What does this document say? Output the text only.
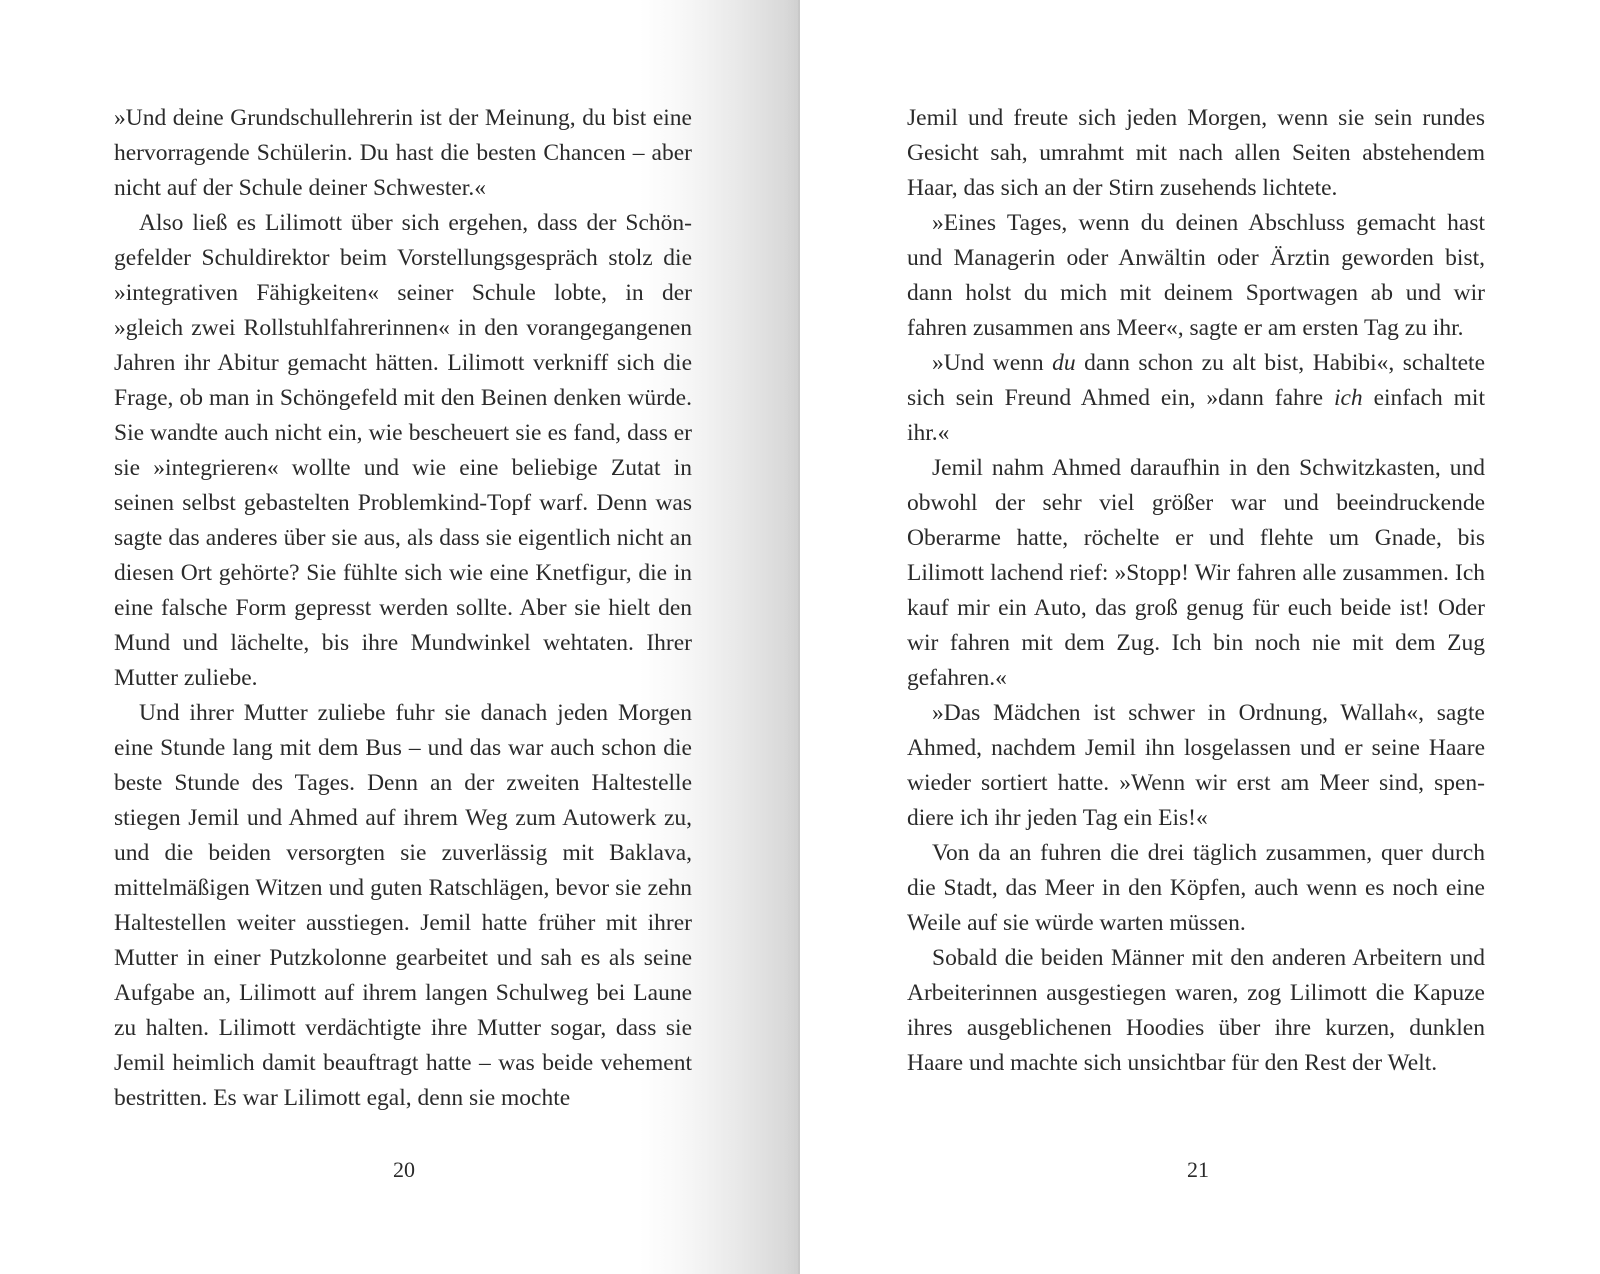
»Und deine Grundschullehrerin ist der Meinung, du bist eine hervorragende Schülerin. Du hast die besten Chancen – aber nicht auf der Schule deiner Schwester.«

Also ließ es Lilimott über sich ergehen, dass der Schöngefelder Schuldirektor beim Vorstellungsgespräch stolz die »integrativen Fähigkeiten« seiner Schule lobte, in der »gleich zwei Rollstuhlfahrerinnen« in den vorangegangenen Jahren ihr Abitur gemacht hätten. Lilimott verkniff sich die Frage, ob man in Schöngefeld mit den Beinen denken würde. Sie wandte auch nicht ein, wie bescheuert sie es fand, dass er sie »integrieren« wollte und wie eine beliebige Zutat in seinen selbst gebastelten Problemkind-Topf warf. Denn was sagte das anderes über sie aus, als dass sie eigentlich nicht an diesen Ort gehörte? Sie fühlte sich wie eine Knetfigur, die in eine falsche Form gepresst werden sollte. Aber sie hielt den Mund und lächelte, bis ihre Mundwinkel wehtaten. Ihrer Mutter zuliebe.

Und ihrer Mutter zuliebe fuhr sie danach jeden Morgen eine Stunde lang mit dem Bus – und das war auch schon die beste Stunde des Tages. Denn an der zweiten Haltestelle stiegen Jemil und Ahmed auf ihrem Weg zum Autowerk zu, und die beiden versorgten sie zuverlässig mit Baklava, mittelmäßigen Witzen und guten Ratschlägen, bevor sie zehn Haltestellen weiter ausstiegen. Jemil hatte früher mit ihrer Mutter in einer Putzkolonne gearbeitet und sah es als seine Aufgabe an, Lilimott auf ihrem langen Schulweg bei Laune zu halten. Lilimott verdächtigte ihre Mutter sogar, dass sie Jemil heimlich damit beauftragt hatte – was beide vehement bestritten. Es war Lilimott egal, denn sie mochte

20

Jemil und freute sich jeden Morgen, wenn sie sein rundes Gesicht sah, umrahmt mit nach allen Seiten abstehendem Haar, das sich an der Stirn zusehends lichtete.

»Eines Tages, wenn du deinen Abschluss gemacht hast und Managerin oder Anwältin oder Ärztin geworden bist, dann holst du mich mit deinem Sportwagen ab und wir fahren zusammen ans Meer«, sagte er am ersten Tag zu ihr.

»Und wenn du dann schon zu alt bist, Habibi«, schaltete sich sein Freund Ahmed ein, »dann fahre ich einfach mit ihr.«

Jemil nahm Ahmed daraufhin in den Schwitzkasten, und obwohl der sehr viel größer war und beeindruckende Oberarme hatte, röchelte er und flehte um Gnade, bis Lilimott lachend rief: »Stopp! Wir fahren alle zusammen. Ich kauf mir ein Auto, das groß genug für euch beide ist! Oder wir fahren mit dem Zug. Ich bin noch nie mit dem Zug gefahren.«

»Das Mädchen ist schwer in Ordnung, Wallah«, sagte Ahmed, nachdem Jemil ihn losgelassen und er seine Haare wieder sortiert hatte. »Wenn wir erst am Meer sind, spendiere ich ihr jeden Tag ein Eis!«

Von da an fuhren die drei täglich zusammen, quer durch die Stadt, das Meer in den Köpfen, auch wenn es noch eine Weile auf sie würde warten müssen.

Sobald die beiden Männer mit den anderen Arbeitern und Arbeiterinnen ausgestiegen waren, zog Lilimott die Kapuze ihres ausgeblichenen Hoodies über ihre kurzen, dunklen Haare und machte sich unsichtbar für den Rest der Welt.

21
